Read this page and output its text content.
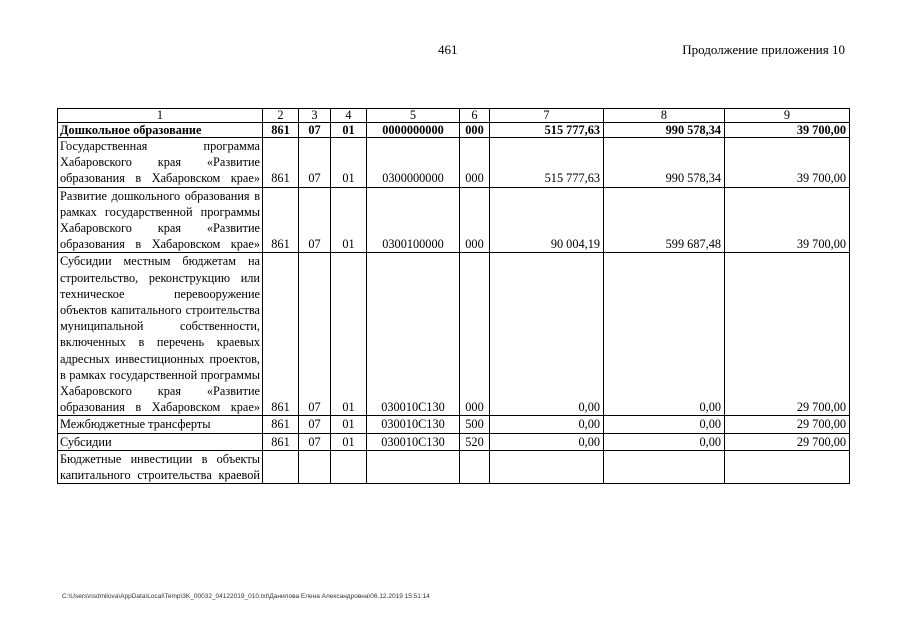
461	Продолжение приложения 10
1	2	3	4	5	6	7	8	9
Дошкольное образование	861	07	01	0000000000	000	515 777,63	990 578,34	39 700,00
Государственная программа Хабаровского края «Развитие образования в Хабаровском крае»	861	07	01	0300000000	000	515 777,63	990 578,34	39 700,00
Развитие дошкольного образования в рамках государственной программы Хабаровского края «Развитие образования в Хабаровском крае»	861	07	01	0300100000	000	90 004,19	599 687,48	39 700,00
Субсидии местным бюджетам на строительство, реконструкцию или техническое перевооружение объектов капитального строительства муниципальной собственности, включенных в перечень краевых адресных инвестиционных проектов, в рамках государственной программы Хабаровского края «Развитие образования в Хабаровском крае»	861	07	01	030010С130	000	0,00	0,00	29 700,00
Межбюджетные трансферты	861	07	01	030010С130	500	0,00	0,00	29 700,00
Субсидии	861	07	01	030010С130	520	0,00	0,00	29 700,00
Бюджетные инвестиции в объекты капитального строительства краевой								
C:\Users\nsdmilova\AppData\Local\Temp\3K_00032_04122019_010.txt\Данилова Елена Александровна\06.12.2019 15:51:14
